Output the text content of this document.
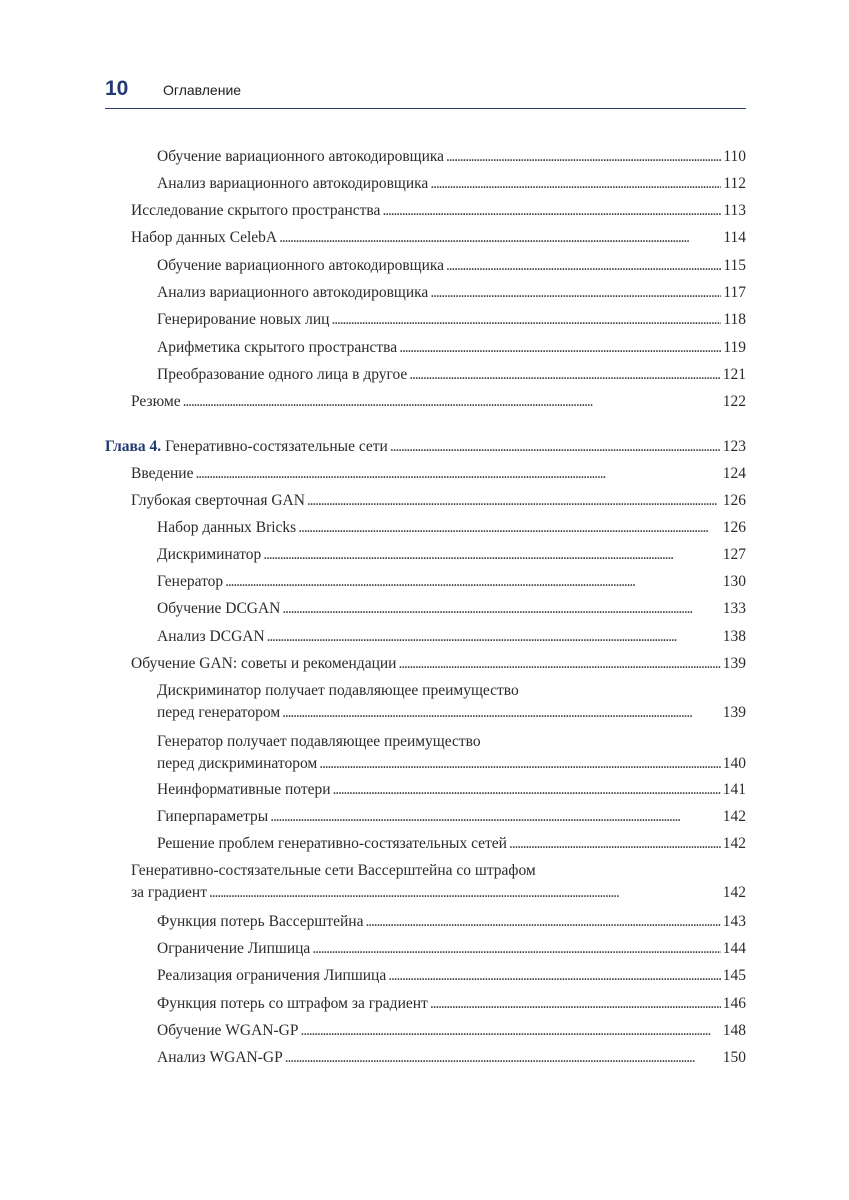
10 Оглавление
Обучение вариационного автокодировщика . . .	110
Анализ вариационного автокодировщика . . .	112
Исследование скрытого пространства . . .	113
Набор данных CelebA . . .	114
Обучение вариационного автокодировщика . . .	115
Анализ вариационного автокодировщика . . .	117
Генерирование новых лиц . . .	118
Арифметика скрытого пространства . . .	119
Преобразование одного лица в другое . . .	121
Резюме . . .	122
Глава 4. Генеративно-состязательные сети . . .	123
Введение . . .	124
Глубокая сверточная GAN . . .	126
Набор данных Bricks . . .	126
Дискриминатор . . .	127
Генератор . . .	130
Обучение DCGAN . . .	133
Анализ DCGAN . . .	138
Обучение GAN: советы и рекомендации . . .	139
Дискриминатор получает подавляющее преимущество
перед генератором . . .	139
Генератор получает подавляющее преимущество
перед дискриминатором . . .	140
Неинформативные потери . . .	141
Гиперпараметры . . .	142
Решение проблем генеративно-состязательных сетей . . .	142
Генеративно-состязательные сети Вассерштейна со штрафом
за градиент . . .	142
Функция потерь Вассерштейна . . .	143
Ограничение Липшица . . .	144
Реализация ограничения Липшица . . .	145
Функция потерь со штрафом за градиент . . .	146
Обучение WGAN-GP . . .	148
Анализ WGAN-GP . . .	150
